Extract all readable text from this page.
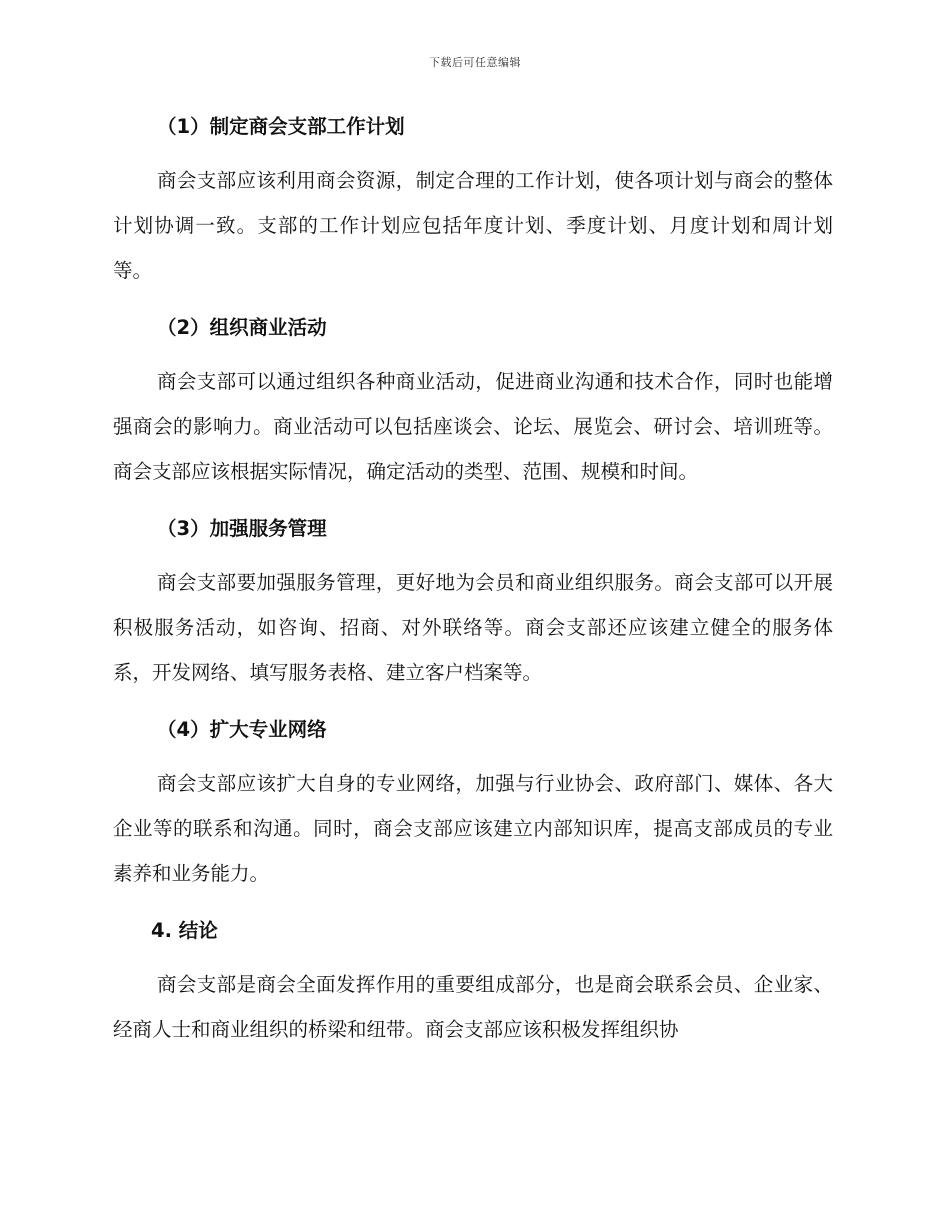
下载后可任意编辑
（1）制定商会支部工作计划

商会支部应该利用商会资源，制定合理的工作计划，使各项计划与商会的整体计划协调一致。支部的工作计划应包括年度计划、季度计划、月度计划和周计划等。

（2）组织商业活动

商会支部可以通过组织各种商业活动，促进商业沟通和技术合作，同时也能增强商会的影响力。商业活动可以包括座谈会、论坛、展览会、研讨会、培训班等。商会支部应该根据实际情况，确定活动的类型、范围、规模和时间。

（3）加强服务管理

商会支部要加强服务管理，更好地为会员和商业组织服务。商会支部可以开展积极服务活动，如咨询、招商、对外联络等。商会支部还应该建立健全的服务体系，开发网络、填写服务表格、建立客户档案等。

（4）扩大专业网络

商会支部应该扩大自身的专业网络，加强与行业协会、政府部门、媒体、各大企业等的联系和沟通。同时，商会支部应该建立内部知识库，提高支部成员的专业素养和业务能力。

4. 结论

商会支部是商会全面发挥作用的重要组成部分，也是商会联系会员、企业家、经商人士和商业组织的桥梁和纽带。商会支部应该积极发挥组织协
